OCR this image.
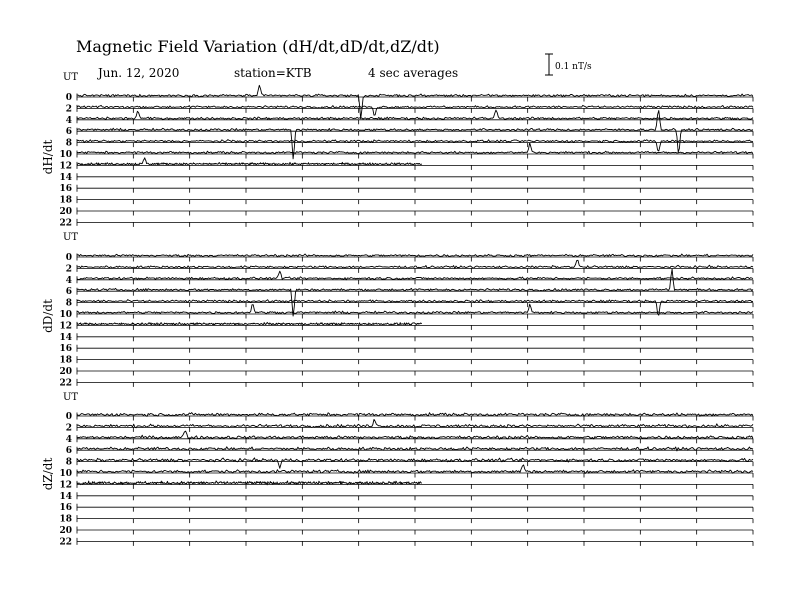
Magnetic Field Variation (dH/dt,dD/dt,dZ/dt)
Jun. 12, 2020	station=KTB	4 sec averages	0.1 nT/s
UT
dH/dt
0
2
4
6
8
10
12
14
16
18
20
22
UT
dD/dt
0
2
4
6
8
10
12
14
16
18
20
22
UT
dZ/dt
0
2
4
6
8
10
12
14
16
18
20
22
